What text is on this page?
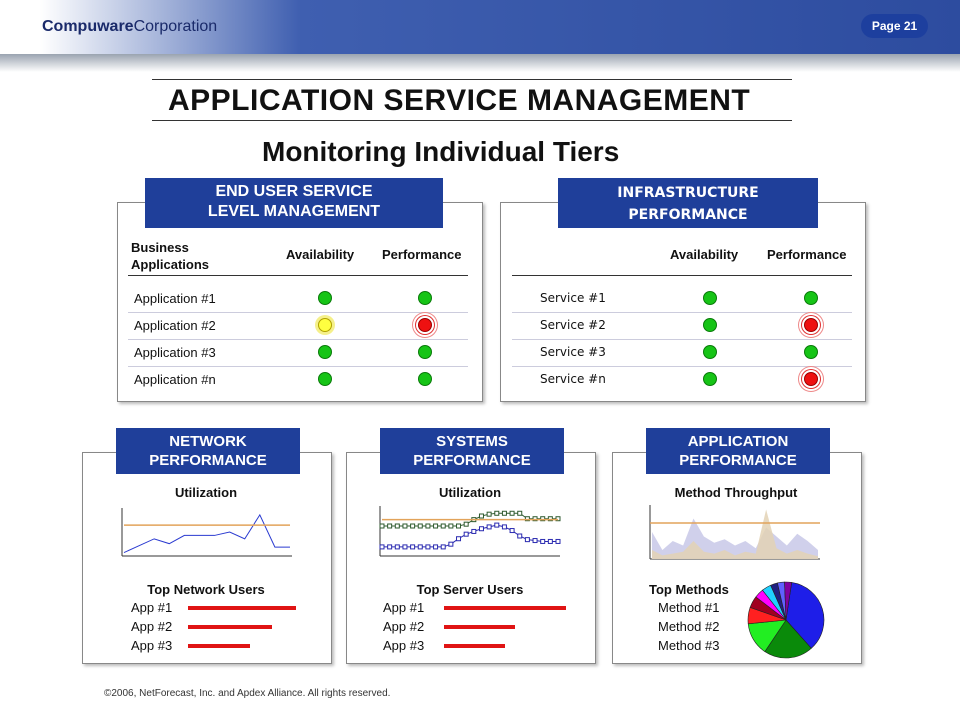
CompuwareCorporation	Page 21
APPLICATION SERVICE MANAGEMENT
Monitoring Individual Tiers
END USER SERVICE
LEVEL MANAGEMENT
Business
Applications
Availability Performance
Application #1
Application #2
Application #3
Application #n
INFRASTRUCTURE
PERFORMANCE
Availability Performance
Service #1
Service #2
Service #3
Service #n
NETWORK
PERFORMANCE
Utilization
Top Network Users
App #1
App #2
App #3
SYSTEMS
PERFORMANCE
Utilization
Top Server Users
App #1
App #2
App #3
APPLICATION
PERFORMANCE
Method Throughput
Top Methods
Method #1
Method #2
Method #3
©2006, NetForecast, Inc. and Apdex Alliance. All rights reserved.
